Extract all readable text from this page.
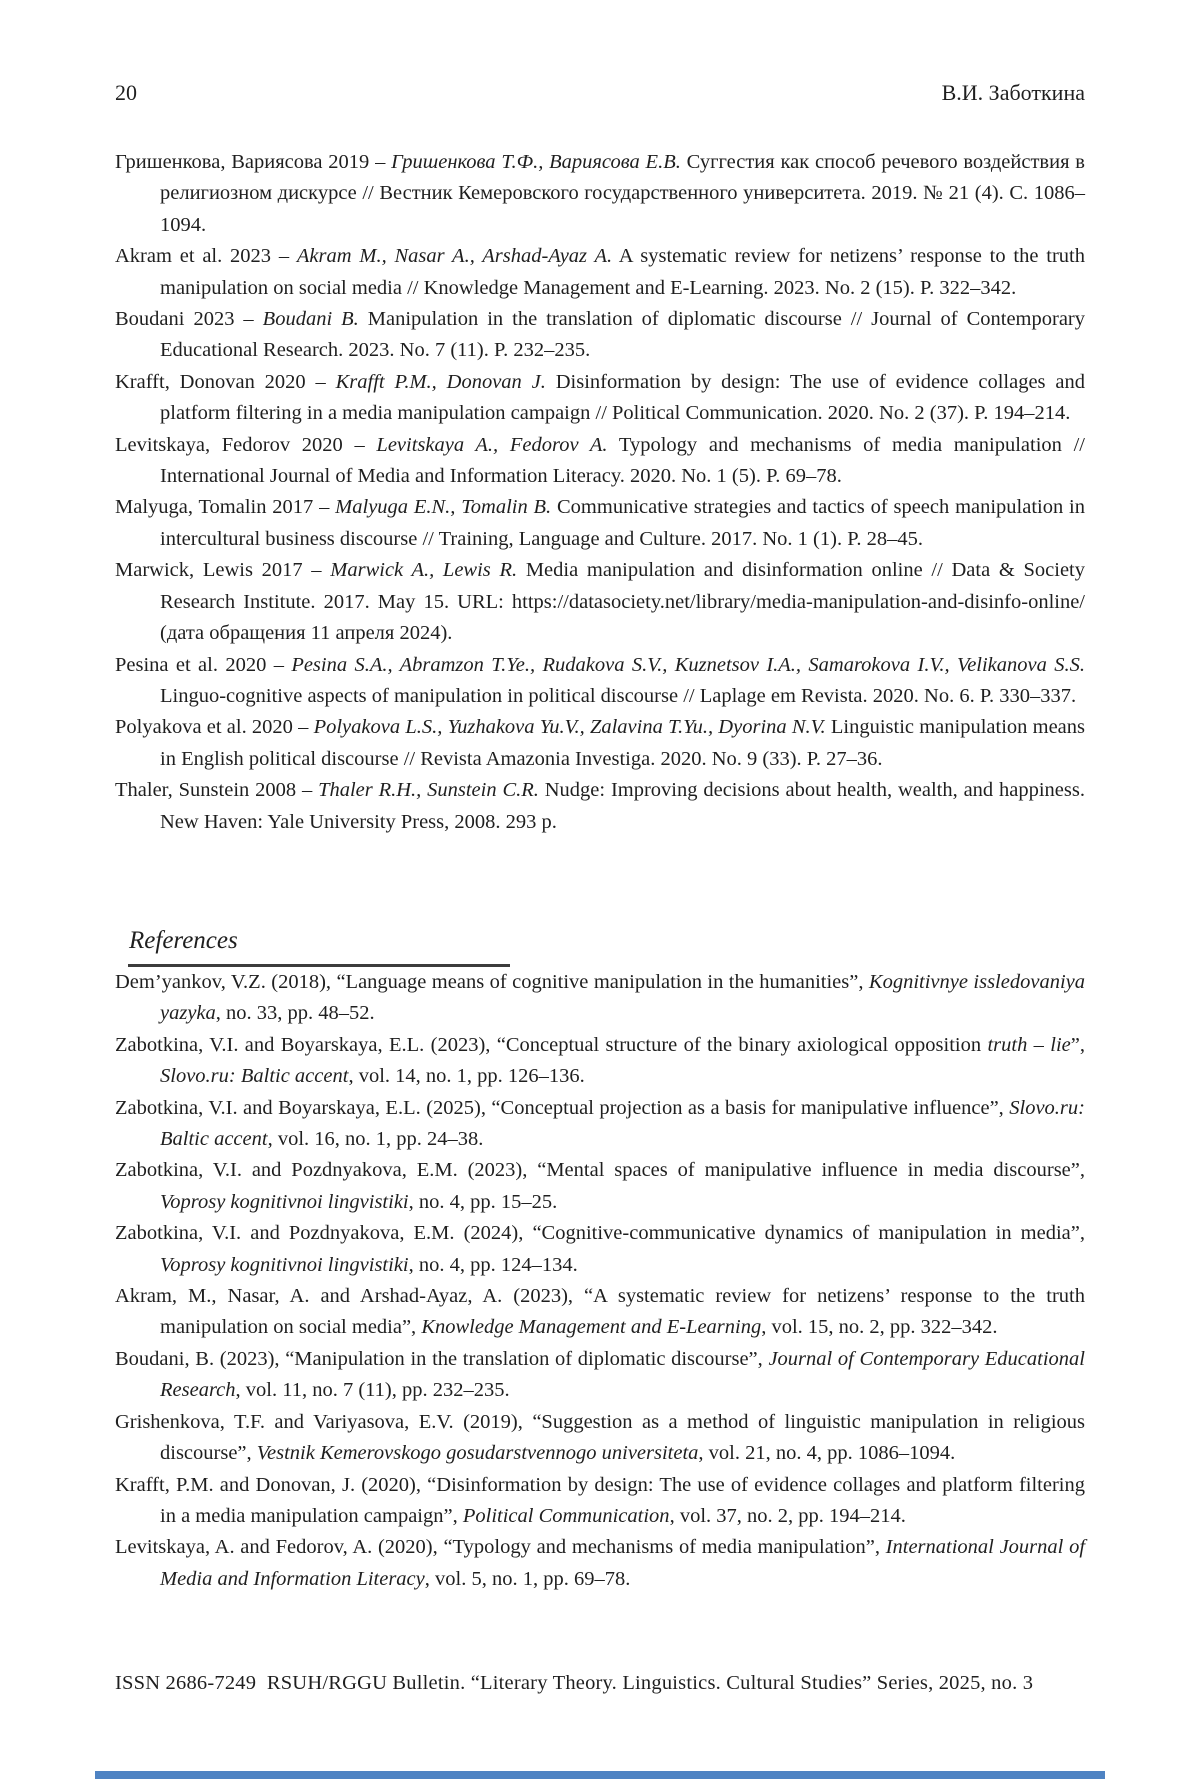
20	В.И. Заботкина
Гришенкова, Вариясова 2019 – Гришенкова Т.Ф., Вариясова Е.В. Суггестия как способ речевого воздействия в религиозном дискурсе // Вестник Кемеровского государственного университета. 2019. № 21 (4). С. 1086–1094.
Akram et al. 2023 – Akram M., Nasar A., Arshad-Ayaz A. A systematic review for netizens’ response to the truth manipulation on social media // Knowledge Management and E-Learning. 2023. No. 2 (15). P. 322–342.
Boudani 2023 – Boudani B. Manipulation in the translation of diplomatic discourse // Journal of Contemporary Educational Research. 2023. No. 7 (11). P. 232–235.
Krafft, Donovan 2020 – Krafft P.M., Donovan J. Disinformation by design: The use of evidence collages and platform filtering in a media manipulation campaign // Political Communication. 2020. No. 2 (37). P. 194–214.
Levitskaya, Fedorov 2020 – Levitskaya A., Fedorov A. Typology and mechanisms of media manipulation // International Journal of Media and Information Literacy. 2020. No. 1 (5). P. 69–78.
Malyuga, Tomalin 2017 – Malyuga E.N., Tomalin B. Communicative strategies and tactics of speech manipulation in intercultural business discourse // Training, Language and Culture. 2017. No. 1 (1). P. 28–45.
Marwick, Lewis 2017 – Marwick A., Lewis R. Media manipulation and disinformation online // Data & Society Research Institute. 2017. May 15. URL: https://datasociety.net/library/media-manipulation-and-disinfo-online/ (дата обращения 11 апреля 2024).
Pesina et al. 2020 – Pesina S.A., Abramzon T.Ye., Rudakova S.V., Kuznetsov I.A., Samarokova I.V., Velikanova S.S. Linguo-cognitive aspects of manipulation in political discourse // Laplage em Revista. 2020. No. 6. P. 330–337.
Polyakova et al. 2020 – Polyakova L.S., Yuzhakova Yu.V., Zalavina T.Yu., Dyorina N.V. Linguistic manipulation means in English political discourse // Revista Amazonia Investiga. 2020. No. 9 (33). P. 27–36.
Thaler, Sunstein 2008 – Thaler R.H., Sunstein C.R. Nudge: Improving decisions about health, wealth, and happiness. New Haven: Yale University Press, 2008. 293 p.
References
Dem’yankov, V.Z. (2018), “Language means of cognitive manipulation in the humanities”, Kognitivnye issledovaniya yazyka, no. 33, pp. 48–52.
Zabotkina, V.I. and Boyarskaya, E.L. (2023), “Conceptual structure of the binary axiological opposition truth – lie”, Slovo.ru: Baltic accent, vol. 14, no. 1, pp. 126–136.
Zabotkina, V.I. and Boyarskaya, E.L. (2025), “Conceptual projection as a basis for manipulative influence”, Slovo.ru: Baltic accent, vol. 16, no. 1, pp. 24–38.
Zabotkina, V.I. and Pozdnyakova, E.M. (2023), “Mental spaces of manipulative influence in media discourse”, Voprosy kognitivnoi lingvistiki, no. 4, pp. 15–25.
Zabotkina, V.I. and Pozdnyakova, E.M. (2024), “Cognitive-communicative dynamics of manipulation in media”, Voprosy kognitivnoi lingvistiki, no. 4, pp. 124–134.
Akram, M., Nasar, A. and Arshad-Ayaz, A. (2023), “A systematic review for netizens’ response to the truth manipulation on social media”, Knowledge Management and E-Learning, vol. 15, no. 2, pp. 322–342.
Boudani, B. (2023), “Manipulation in the translation of diplomatic discourse”, Journal of Contemporary Educational Research, vol. 11, no. 7 (11), pp. 232–235.
Grishenkova, T.F. and Variyasova, E.V. (2019), “Suggestion as a method of linguistic manipulation in religious discourse”, Vestnik Kemerovskogo gosudarstvennogo universiteta, vol. 21, no. 4, pp. 1086–1094.
Krafft, P.M. and Donovan, J. (2020), “Disinformation by design: The use of evidence collages and platform filtering in a media manipulation campaign”, Political Communication, vol. 37, no. 2, pp. 194–214.
Levitskaya, A. and Fedorov, A. (2020), “Typology and mechanisms of media manipulation”, International Journal of Media and Information Literacy, vol. 5, no. 1, pp. 69–78.
ISSN 2686-7249  RSUH/RGGU Bulletin. “Literary Theory. Linguistics. Cultural Studies” Series, 2025, no. 3
